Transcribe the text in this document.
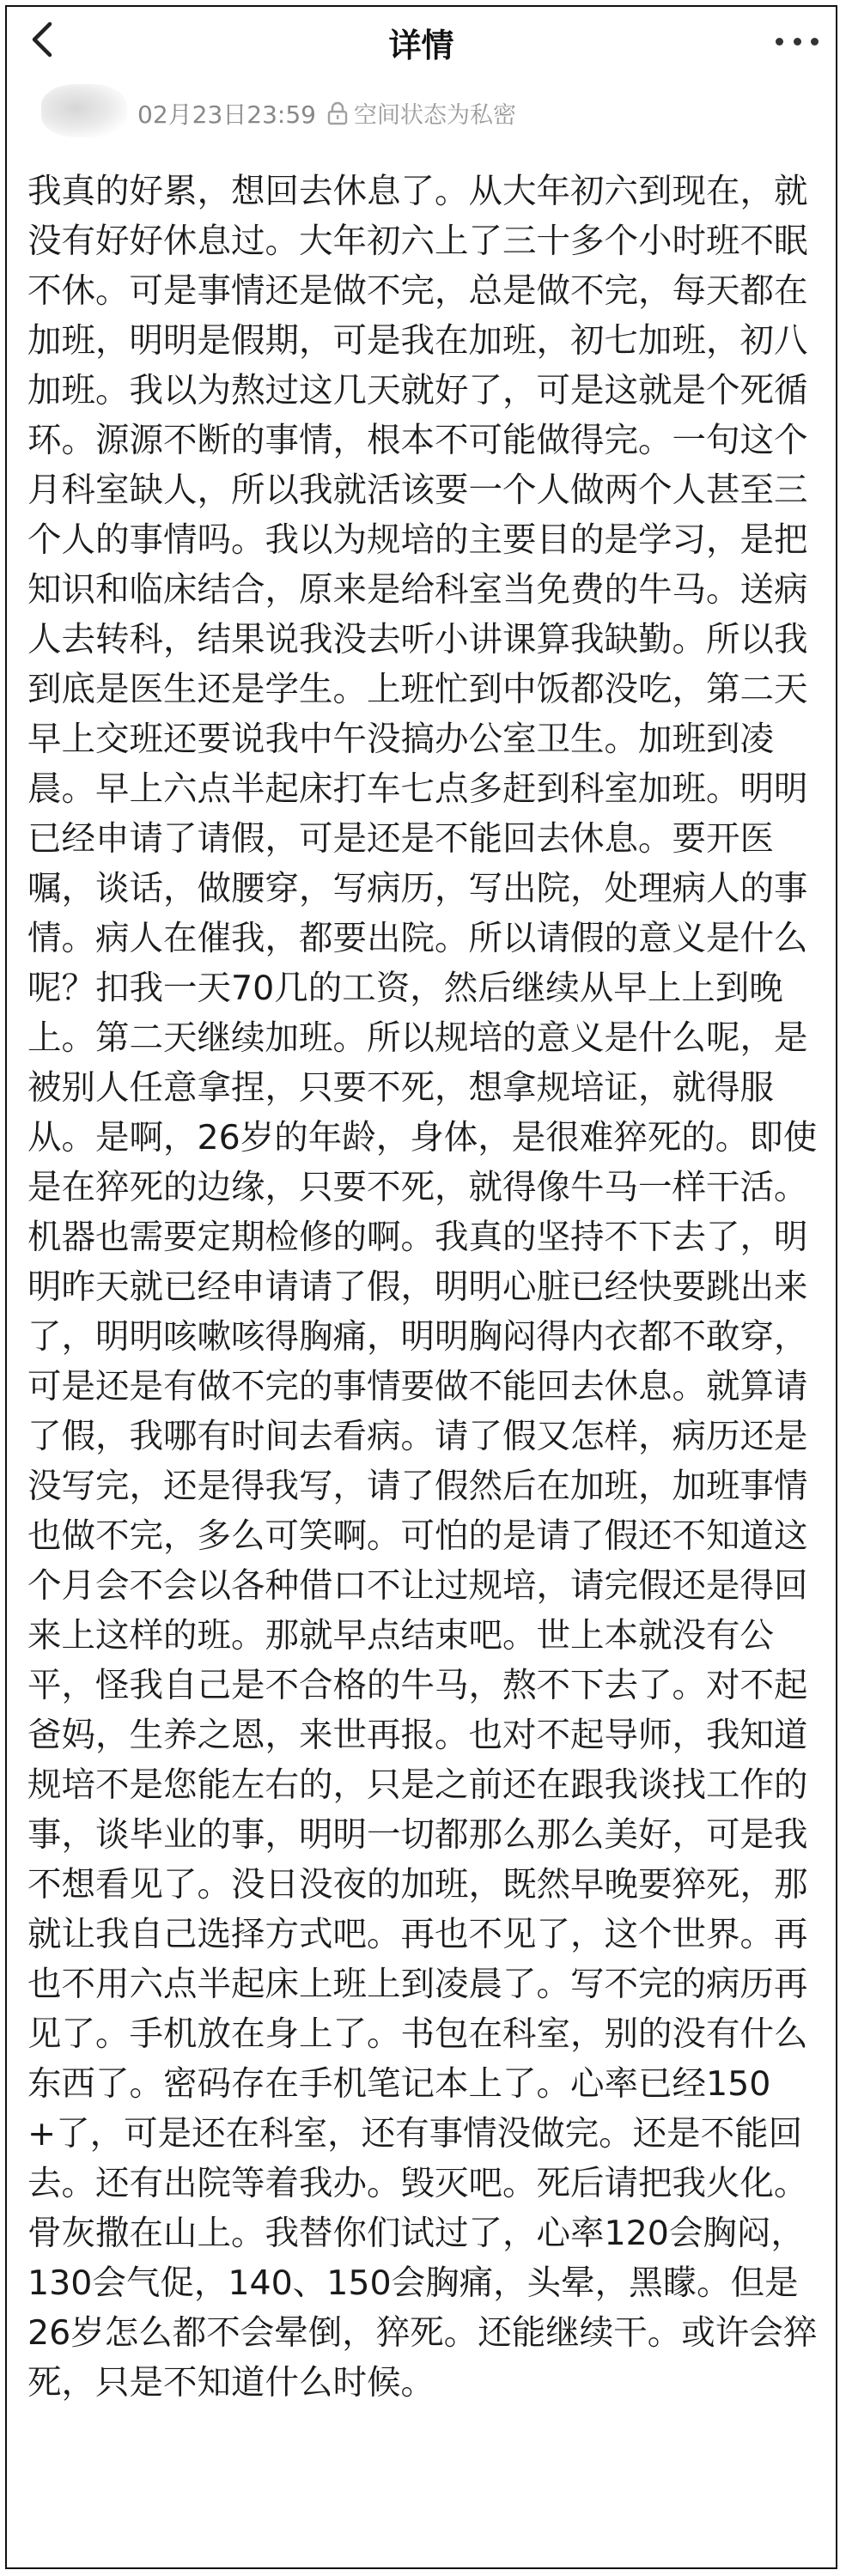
详情
02月23日23:59 空间状态为私密
我真的好累，想回去休息了。从大年初六到现在，就没有好好休息过。大年初六上了三十多个小时班不眠不休。可是事情还是做不完，总是做不完，每天都在加班，明明是假期，可是我在加班，初七加班，初八加班。我以为熬过这几天就好了，可是这就是个死循环。源源不断的事情，根本不可能做得完。一句这个月科室缺人，所以我就活该要一个人做两个人甚至三个人的事情吗。我以为规培的主要目的是学习，是把知识和临床结合，原来是给科室当免费的牛马。送病人去转科，结果说我没去听小讲课算我缺勤。所以我到底是医生还是学生。上班忙到中饭都没吃，第二天早上交班还要说我中午没搞办公室卫生。加班到凌晨。早上六点半起床打车七点多赶到科室加班。明明已经申请了请假，可是还是不能回去休息。要开医嘱，谈话，做腰穿，写病历，写出院，处理病人的事情。病人在催我，都要出院。所以请假的意义是什么呢？扣我一天70几的工资，然后继续从早上上到晚上。第二天继续加班。所以规培的意义是什么呢，是被别人任意拿捏，只要不死，想拿规培证，就得服从。是啊，26岁的年龄，身体，是很难猝死的。即使是在猝死的边缘，只要不死，就得像牛马一样干活。机器也需要定期检修的啊。我真的坚持不下去了，明明昨天就已经申请请了假，明明心脏已经快要跳出来了，明明咳嗽咳得胸痛，明明胸闷得内衣都不敢穿，可是还是有做不完的事情要做不能回去休息。就算请了假，我哪有时间去看病。请了假又怎样，病历还是没写完，还是得我写，请了假然后在加班，加班事情也做不完，多么可笑啊。可怕的是请了假还不知道这个月会不会以各种借口不让过规培，请完假还是得回来上这样的班。那就早点结束吧。世上本就没有公平，怪我自己是不合格的牛马，熬不下去了。对不起爸妈，生养之恩，来世再报。也对不起导师，我知道规培不是您能左右的，只是之前还在跟我谈找工作的事，谈毕业的事，明明一切都那么那么美好，可是我不想看见了。没日没夜的加班，既然早晚要猝死，那就让我自己选择方式吧。再也不见了，这个世界。再也不用六点半起床上班上到凌晨了。写不完的病历再见了。手机放在身上了。书包在科室，别的没有什么东西了。密码存在手机笔记本上了。心率已经150+了，可是还在科室，还有事情没做完。还是不能回去。还有出院等着我办。毁灭吧。死后请把我火化。骨灰撒在山上。我替你们试过了，心率120会胸闷，130会气促，140、150会胸痛，头晕，黑矇。但是26岁怎么都不会晕倒，猝死。还能继续干。或许会猝死，只是不知道什么时候。
